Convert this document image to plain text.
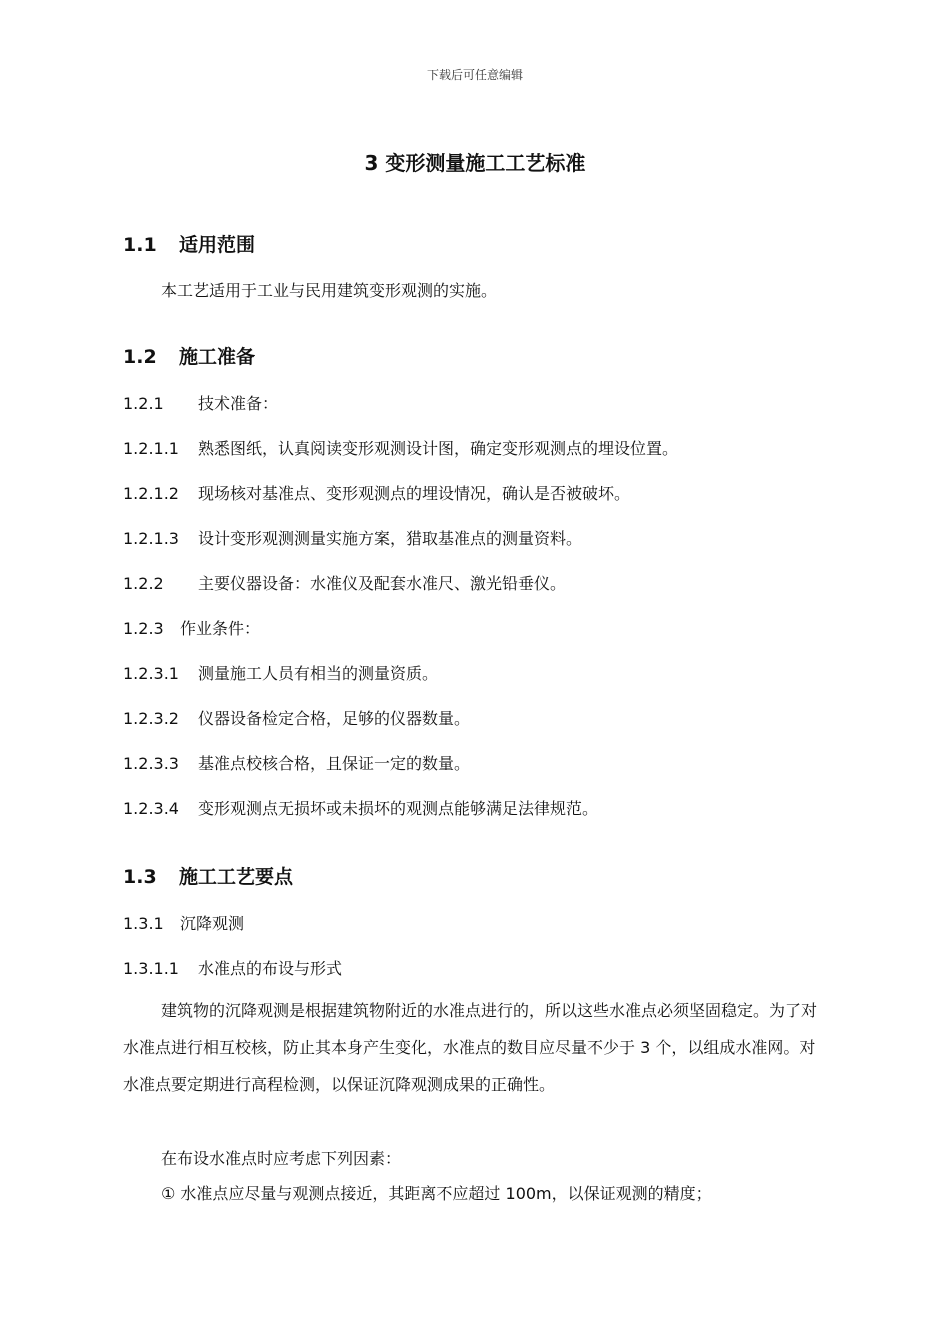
下载后可任意编辑
3 变形测量施工工艺标准
1.1 适用范围
本工艺适用于工业与民用建筑变形观测的实施。
1.2 施工准备
1.2.1 技术准备：
1.2.1.1 熟悉图纸，认真阅读变形观测设计图，确定变形观测点的埋设位置。
1.2.1.2 现场核对基准点、变形观测点的埋设情况，确认是否被破坏。
1.2.1.3 设计变形观测测量实施方案，猎取基准点的测量资料。
1.2.2 主要仪器设备：水准仪及配套水准尺、激光铅垂仪。
1.2.3 作业条件：
1.2.3.1 测量施工人员有相当的测量资质。
1.2.3.2 仪器设备检定合格，足够的仪器数量。
1.2.3.3 基准点校核合格，且保证一定的数量。
1.2.3.4 变形观测点无损坏或未损坏的观测点能够满足法律规范。
1.3 施工工艺要点
1.3.1 沉降观测
1.3.1.1 水准点的布设与形式
建筑物的沉降观测是根据建筑物附近的水准点进行的，所以这些水准点必须坚固稳定。为了对水准点进行相互校核，防止其本身产生变化，水准点的数目应尽量不少于 3 个，以组成水准网。对水准点要定期进行高程检测，以保证沉降观测成果的正确性。
在布设水准点时应考虑下列因素：
① 水准点应尽量与观测点接近，其距离不应超过 100m，以保证观测的精度；
